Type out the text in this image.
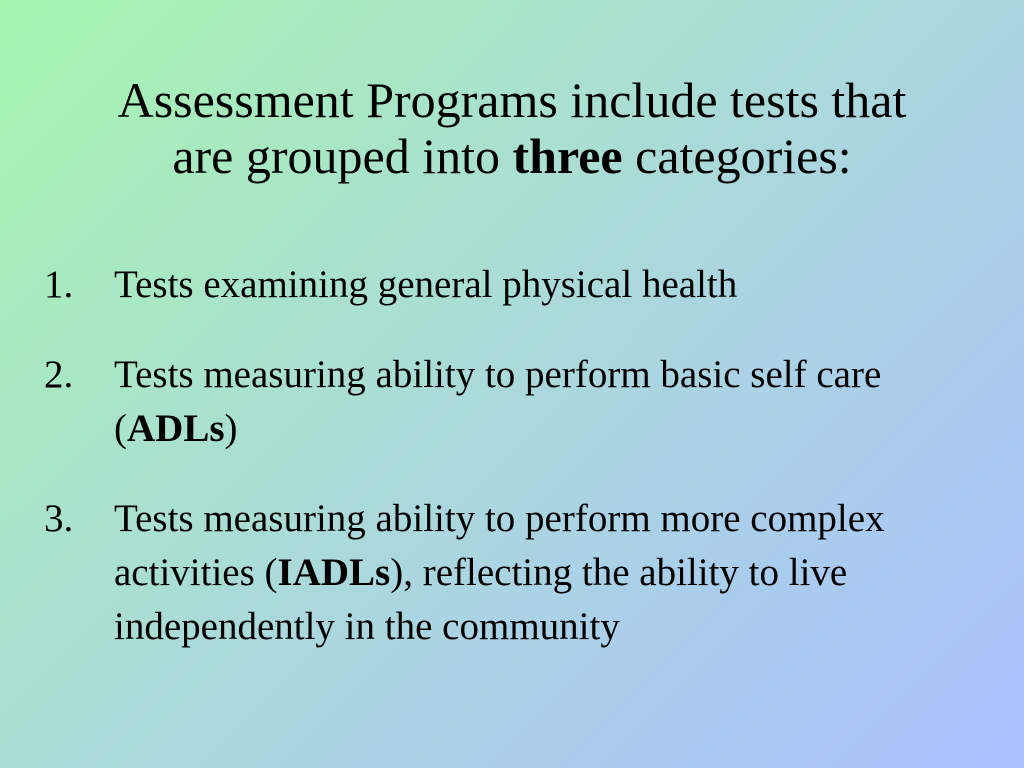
Assessment Programs include tests that
are grouped into three categories:
1. Tests examining general physical health
2. Tests measuring ability to perform basic self care (ADLs)
3. Tests measuring ability to perform more complex activities (IADLs), reflecting the ability to live independently in the community
